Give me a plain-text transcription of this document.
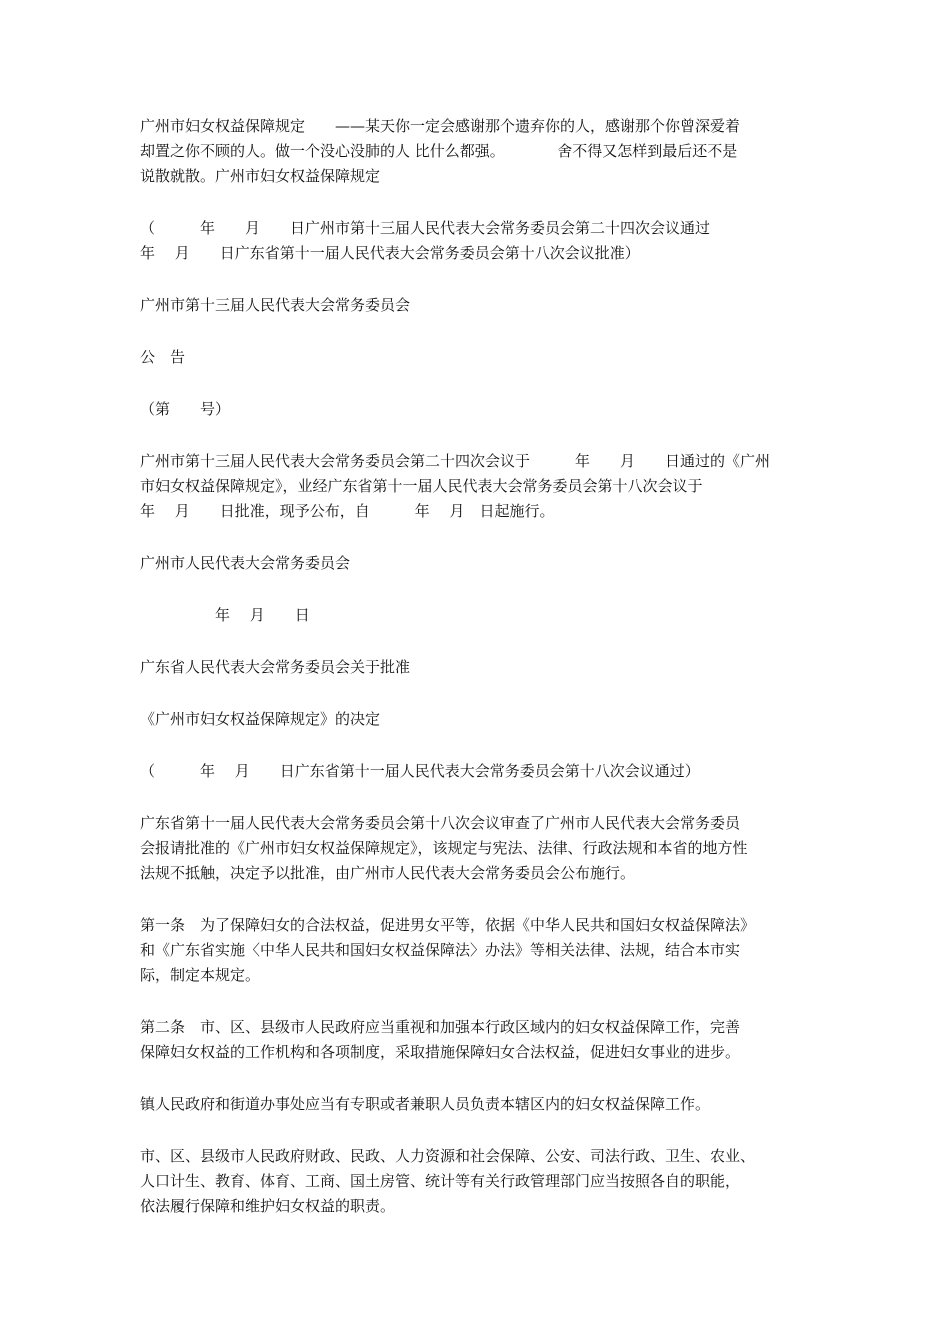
广州市妇女权益保障规定　　——某天你一定会感谢那个遗弃你的人，感谢那个你曾深爱着
却置之你不顾的人。做一个没心没肺的人 比什么都强。　　　　舍不得又怎样到最后还不是
说散就散。广州市妇女权益保障规定

（　　　年　　月　　日广州市第十三届人民代表大会常务委员会第二十四次会议通过
年　 月　　日广东省第十一届人民代表大会常务委员会第十八次会议批准）

广州市第十三届人民代表大会常务委员会

公　告

（第　　号）

广州市第十三届人民代表大会常务委员会第二十四次会议于　　　年　　月　　日通过的《广州
市妇女权益保障规定》，业经广东省第十一届人民代表大会常务委员会第十八次会议于
年　 月　　日批准，现予公布，自　　　年　 月　日起施行。

广州市人民代表大会常务委员会

　　　　　年　 月　　日

广东省人民代表大会常务委员会关于批准

《广州市妇女权益保障规定》的决定

（　　　年　 月　　日广东省第十一届人民代表大会常务委员会第十八次会议通过）

广东省第十一届人民代表大会常务委员会第十八次会议审查了广州市人民代表大会常务委员
会报请批准的《广州市妇女权益保障规定》，该规定与宪法、法律、行政法规和本省的地方性
法规不抵触，决定予以批准，由广州市人民代表大会常务委员会公布施行。

第一条　为了保障妇女的合法权益，促进男女平等，依据《中华人民共和国妇女权益保障法》
和《广东省实施〈中华人民共和国妇女权益保障法〉办法》等相关法律、法规，结合本市实
际，制定本规定。

第二条　市、区、县级市人民政府应当重视和加强本行政区域内的妇女权益保障工作，完善
保障妇女权益的工作机构和各项制度，采取措施保障妇女合法权益，促进妇女事业的进步。

镇人民政府和街道办事处应当有专职或者兼职人员负责本辖区内的妇女权益保障工作。

市、区、县级市人民政府财政、民政、人力资源和社会保障、公安、司法行政、卫生、农业、
人口计生、教育、体育、工商、国土房管、统计等有关行政管理部门应当按照各自的职能，
依法履行保障和维护妇女权益的职责。
